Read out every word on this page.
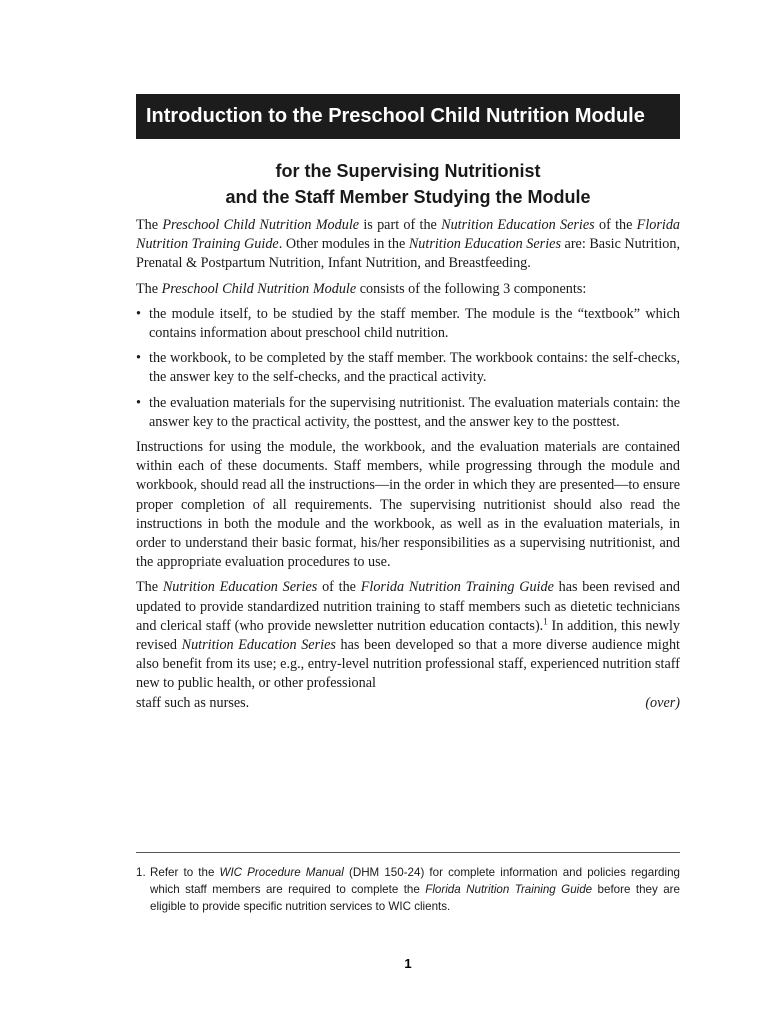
Introduction to the Preschool Child Nutrition Module
for the Supervising Nutritionist
and the Staff Member Studying the Module

The Preschool Child Nutrition Module is part of the Nutrition Education Series of the Florida Nutrition Training Guide. Other modules in the Nutrition Education Series are: Basic Nutrition, Prenatal & Postpartum Nutrition, Infant Nutrition, and Breastfeeding.

The Preschool Child Nutrition Module consists of the following 3 components:

• the module itself, to be studied by the staff member. The module is the “textbook” which contains information about preschool child nutrition.
• the workbook, to be completed by the staff member. The workbook contains: the self-checks, the answer key to the self-checks, and the practical activity.
• the evaluation materials for the supervising nutritionist. The evaluation materials contain: the answer key to the practical activity, the posttest, and the answer key to the posttest.

Instructions for using the module, the workbook, and the evaluation materials are contained within each of these documents. Staff members, while progressing through the module and workbook, should read all the instructions—in the order in which they are presented—to ensure proper completion of all requirements. The supervising nutritionist should also read the instructions in both the module and the workbook, as well as in the evaluation materials, in order to understand their basic format, his/her responsibilities as a supervising nutritionist, and the appropriate evaluation procedures to use.

The Nutrition Education Series of the Florida Nutrition Training Guide has been revised and updated to provide standardized nutrition training to staff members such as dietetic technicians and clerical staff (who provide newsletter nutrition education contacts).$^1$ In addition, this newly revised Nutrition Education Series has been developed so that a more diverse audience might also benefit from its use; e.g., entry-level nutrition professional staff, experienced nutrition staff new to public health, or other professional

staff such as nurses.	(over)
1. Refer to the WIC Procedure Manual (DHM 150-24) for complete information and policies regarding which staff members are required to complete the Florida Nutrition Training Guide before they are eligible to provide specific nutrition services to WIC clients.
1
